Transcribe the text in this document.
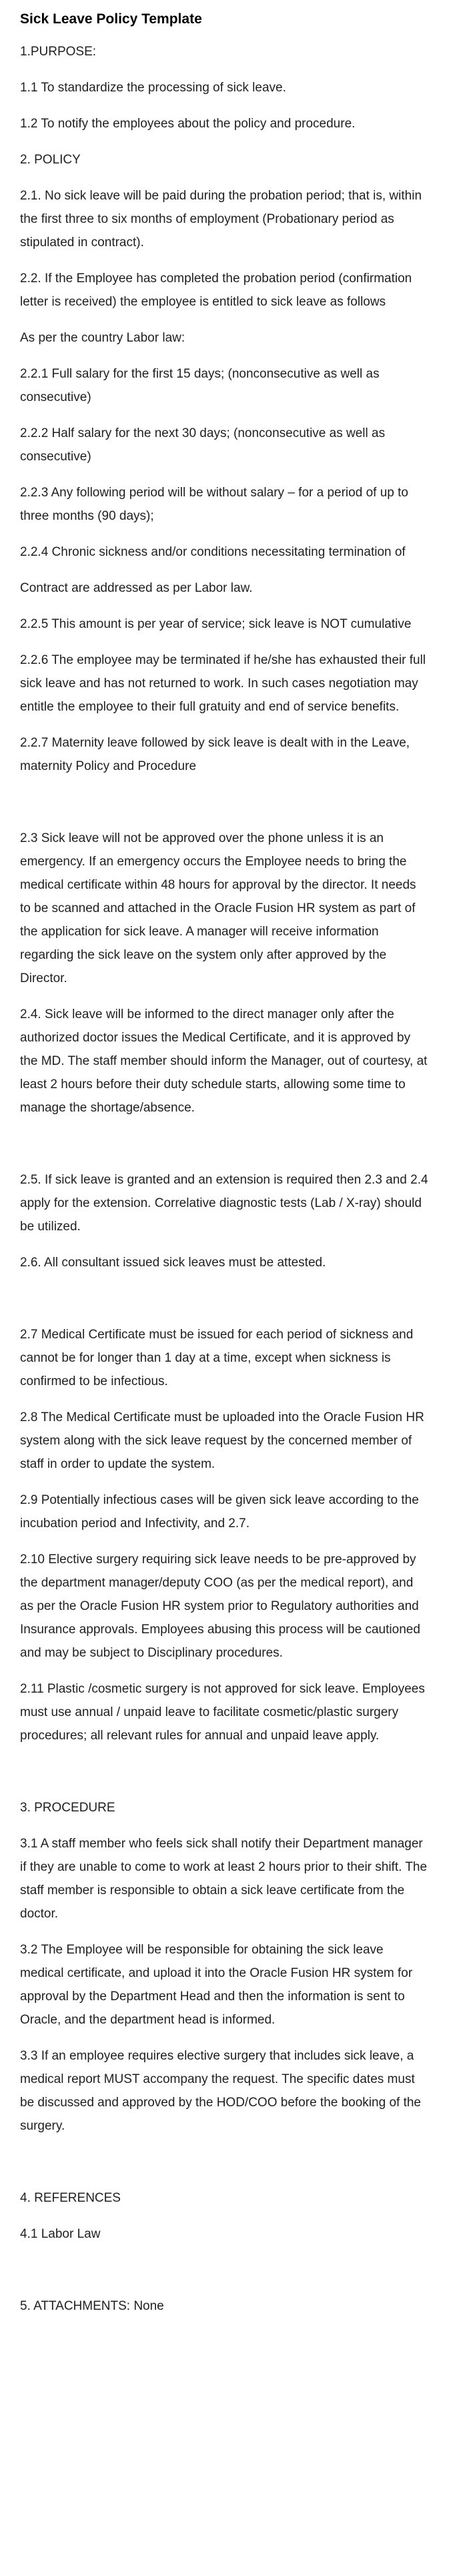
Sick Leave Policy Template

1.PURPOSE:

1.1 To standardize the processing of sick leave.

1.2 To notify the employees about the policy and procedure.

2. POLICY

2.1. No sick leave will be paid during the probation period; that is, within the first three to six months of employment (Probationary period as stipulated in contract).

2.2. If the Employee has completed the probation period (confirmation letter is received) the employee is entitled to sick leave as follows

As per the country Labor law:

2.2.1 Full salary for the first 15 days; (nonconsecutive as well as consecutive)

2.2.2 Half salary for the next 30 days; (nonconsecutive as well as consecutive)

2.2.3 Any following period will be without salary – for a period of up to three months (90 days);

2.2.4 Chronic sickness and/or conditions necessitating termination of

Contract are addressed as per Labor law.

2.2.5 This amount is per year of service; sick leave is NOT cumulative

2.2.6 The employee may be terminated if he/she has exhausted their full sick leave and has not returned to work. In such cases negotiation may entitle the employee to their full gratuity and end of service benefits.

2.2.7 Maternity leave followed by sick leave is dealt with in the Leave, maternity Policy and Procedure

2.3 Sick leave will not be approved over the phone unless it is an emergency. If an emergency occurs the Employee needs to bring the medical certificate within 48 hours for approval by the director. It needs to be scanned and attached in the Oracle Fusion HR system as part of the application for sick leave. A manager will receive information regarding the sick leave on the system only after approved by the Director.

2.4. Sick leave will be informed to the direct manager only after the authorized doctor issues the Medical Certificate, and it is approved by the MD. The staff member should inform the Manager, out of courtesy, at least 2 hours before their duty schedule starts, allowing some time to manage the shortage/absence.

2.5. If sick leave is granted and an extension is required then 2.3 and 2.4 apply for the extension. Correlative diagnostic tests (Lab / X-ray) should be utilized.

2.6. All consultant issued sick leaves must be attested.

2.7 Medical Certificate must be issued for each period of sickness and cannot be for longer than 1 day at a time, except when sickness is confirmed to be infectious.

2.8 The Medical Certificate must be uploaded into the Oracle Fusion HR system along with the sick leave request by the concerned member of staff in order to update the system.

2.9 Potentially infectious cases will be given sick leave according to the incubation period and Infectivity, and 2.7.

2.10 Elective surgery requiring sick leave needs to be pre-approved by the department manager/deputy COO (as per the medical report), and as per the Oracle Fusion HR system prior to Regulatory authorities and Insurance approvals. Employees abusing this process will be cautioned and may be subject to Disciplinary procedures.

2.11 Plastic /cosmetic surgery is not approved for sick leave. Employees must use annual / unpaid leave to facilitate cosmetic/plastic surgery procedures; all relevant rules for annual and unpaid leave apply.

3. PROCEDURE

3.1 A staff member who feels sick shall notify their Department manager if they are unable to come to work at least 2 hours prior to their shift. The staff member is responsible to obtain a sick leave certificate from the doctor.

3.2 The Employee will be responsible for obtaining the sick leave medical certificate, and upload it into the Oracle Fusion HR system for approval by the Department Head and then the information is sent to Oracle, and the department head is informed.

3.3 If an employee requires elective surgery that includes sick leave, a medical report MUST accompany the request. The specific dates must be discussed and approved by the HOD/COO before the booking of the surgery.

4. REFERENCES

4.1 Labor Law

5. ATTACHMENTS: None
